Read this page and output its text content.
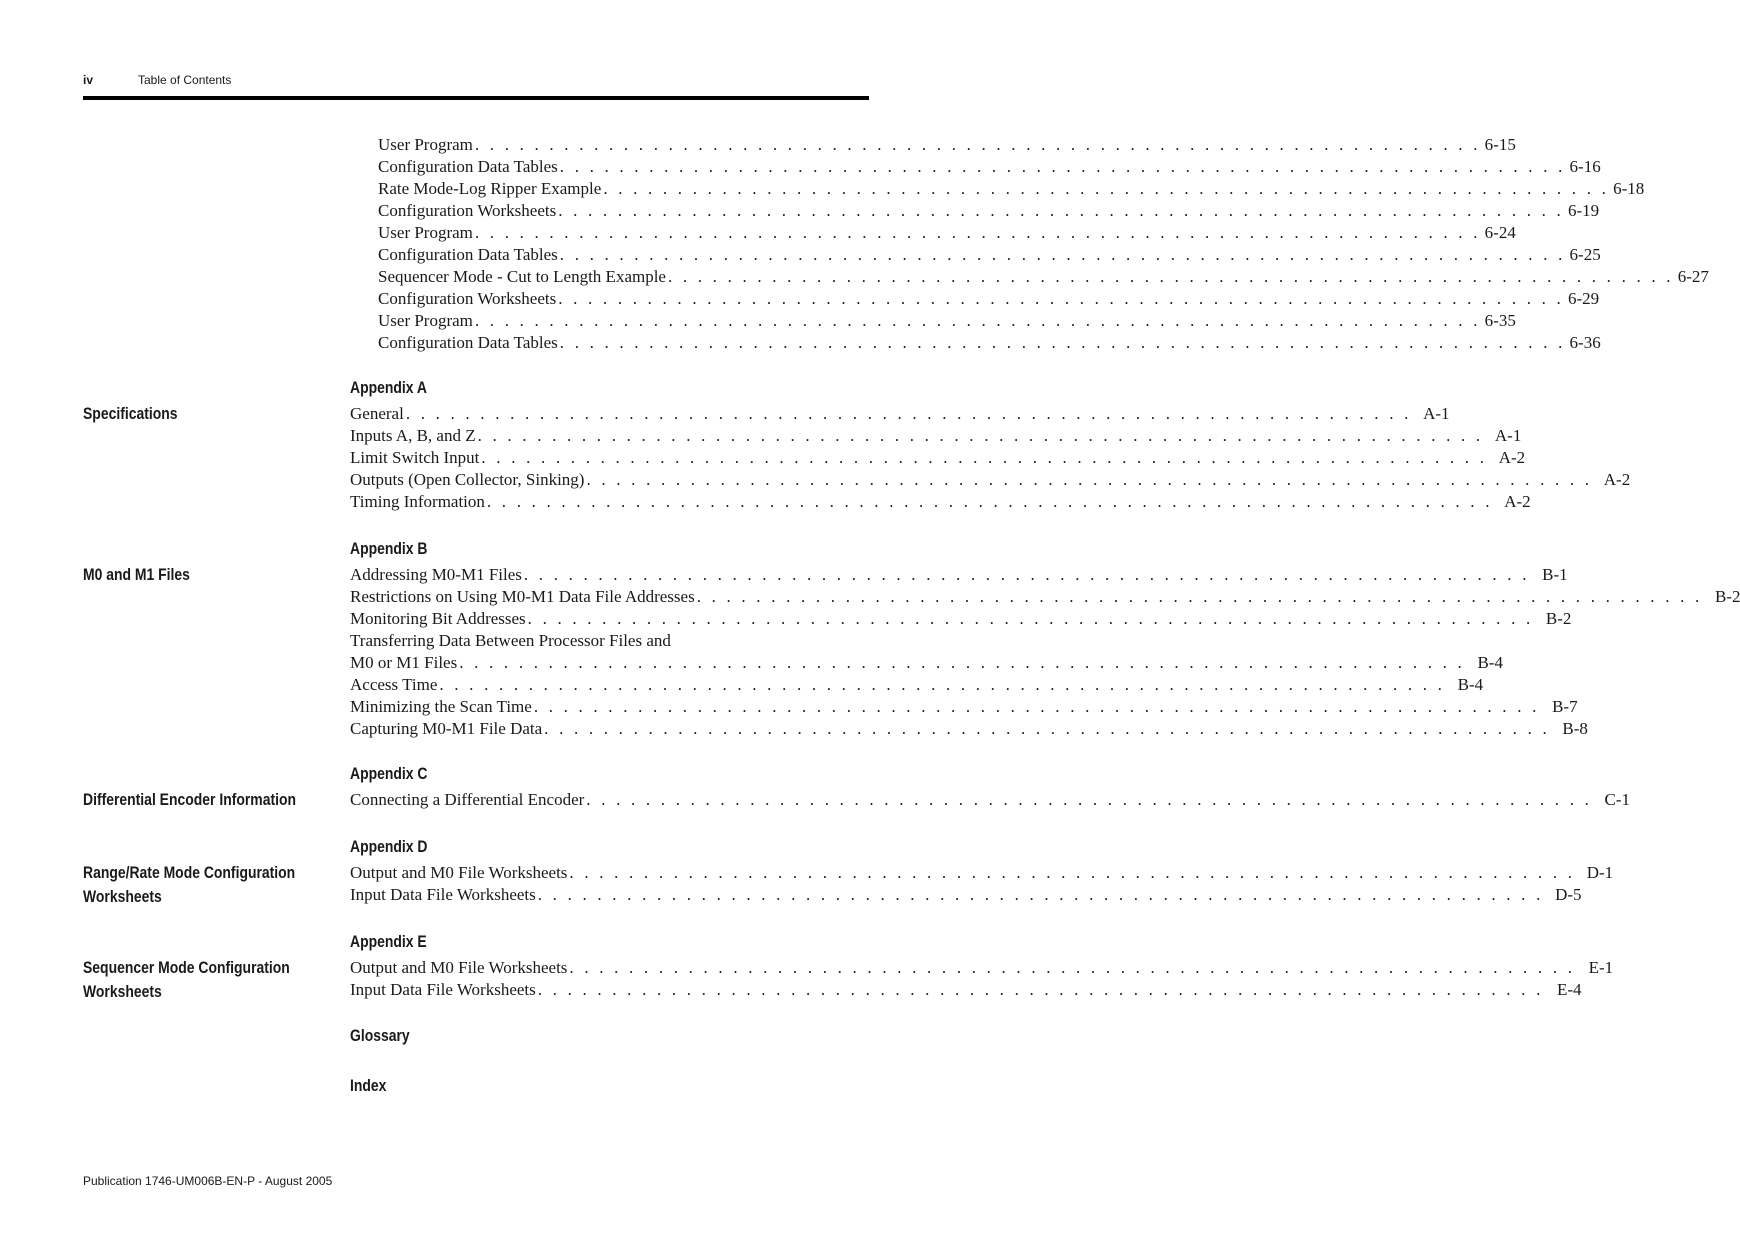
iv	Table of Contents
Glossary
Index
User Program . . . . . . . . . . . . . . . . . . . . . . . . . . . . . . . . . . . . . . . . . . . . . . . . . . . . . . . . . . . . . . . . . . . . 6-15
Configuration Data Tables . . . . . . . . . . . . . . . . . . . . . . . . . . . . . . . . . . . . . . . . . . . . . . . . . . . . . . . . . . . . . . . . . . . . 6-16
Rate Mode-Log Ripper Example . . . . . . . . . . . . . . . . . . . . . . . . . . . . . . . . . . . . . . . . . . . . . . . . . . . . . . . . . . . . . . . . . . . . 6-18
Configuration Worksheets . . . . . . . . . . . . . . . . . . . . . . . . . . . . . . . . . . . . . . . . . . . . . . . . . . . . . . . . . . . . . . . . . . . . 6-19
User Program . . . . . . . . . . . . . . . . . . . . . . . . . . . . . . . . . . . . . . . . . . . . . . . . . . . . . . . . . . . . . . . . . . . . 6-24
Configuration Data Tables . . . . . . . . . . . . . . . . . . . . . . . . . . . . . . . . . . . . . . . . . . . . . . . . . . . . . . . . . . . . . . . . . . . . 6-25
Sequencer Mode - Cut to Length Example . . . . . . . . . . . . . . . . . . . . . . . . . . . . . . . . . . . . . . . . . . . . . . . . . . . . . . . . . . . . . . . . . . . . 6-27
Configuration Worksheets . . . . . . . . . . . . . . . . . . . . . . . . . . . . . . . . . . . . . . . . . . . . . . . . . . . . . . . . . . . . . . . . . . . . 6-29
User Program . . . . . . . . . . . . . . . . . . . . . . . . . . . . . . . . . . . . . . . . . . . . . . . . . . . . . . . . . . . . . . . . . . . . 6-35
Configuration Data Tables . . . . . . . . . . . . . . . . . . . . . . . . . . . . . . . . . . . . . . . . . . . . . . . . . . . . . . . . . . . . . . . . . . . . 6-36
Appendix A
Specifications	General . . . . . . . . . . . . . . . . . . . . . . . . . . . . . . . . . . . . . . . . . . . . . . . . . . . . . . . . . . . . . . . . . . . . A-1
Inputs A, B, and Z . . . . . . . . . . . . . . . . . . . . . . . . . . . . . . . . . . . . . . . . . . . . . . . . . . . . . . . . . . . . . . . . . . . . A-1
Limit Switch Input . . . . . . . . . . . . . . . . . . . . . . . . . . . . . . . . . . . . . . . . . . . . . . . . . . . . . . . . . . . . . . . . . . . . A-2
Outputs (Open Collector, Sinking) . . . . . . . . . . . . . . . . . . . . . . . . . . . . . . . . . . . . . . . . . . . . . . . . . . . . . . . . . . . . . . . . . . . . A-2
Timing Information . . . . . . . . . . . . . . . . . . . . . . . . . . . . . . . . . . . . . . . . . . . . . . . . . . . . . . . . . . . . . . . . . . . . A-2
Appendix B
M0 and M1 Files	Addressing M0-M1 Files . . . . . . . . . . . . . . . . . . . . . . . . . . . . . . . . . . . . . . . . . . . . . . . . . . . . . . . . . . . . . . . . . . . . B-1
Restrictions on Using M0-M1 Data File Addresses . . . . . . . . . . . . . . . . . . . . . . . . . . . . . . . . . . . . . . . . . . . . . . . . . . . . . . . . . . . . . . . . . . . . B-2
Monitoring Bit Addresses . . . . . . . . . . . . . . . . . . . . . . . . . . . . . . . . . . . . . . . . . . . . . . . . . . . . . . . . . . . . . . . . . . . . B-2
Transferring Data Between Processor Files and
M0 or M1 Files . . . . . . . . . . . . . . . . . . . . . . . . . . . . . . . . . . . . . . . . . . . . . . . . . . . . . . . . . . . . . . . . . . . . B-4
Access Time . . . . . . . . . . . . . . . . . . . . . . . . . . . . . . . . . . . . . . . . . . . . . . . . . . . . . . . . . . . . . . . . . . . . B-4
Minimizing the Scan Time . . . . . . . . . . . . . . . . . . . . . . . . . . . . . . . . . . . . . . . . . . . . . . . . . . . . . . . . . . . . . . . . . . . . B-7
Capturing M0-M1 File Data . . . . . . . . . . . . . . . . . . . . . . . . . . . . . . . . . . . . . . . . . . . . . . . . . . . . . . . . . . . . . . . . . . . . B-8
Appendix C
Differential Encoder Information	Connecting a Differential Encoder . . . . . . . . . . . . . . . . . . . . . . . . . . . . . . . . . . . . . . . . . . . . . . . . . . . . . . . . . . . . . . . . . . . . C-1
Appendix D
Range/Rate Mode Configuration Worksheets
Output and M0 File Worksheets . . . . . . . . . . . . . . . . . . . . . . . . . . . . . . . . . . . . . . . . . . . . . . . . . . . . . . . . . . . . . . . . . . . . D-1
Input Data File Worksheets . . . . . . . . . . . . . . . . . . . . . . . . . . . . . . . . . . . . . . . . . . . . . . . . . . . . . . . . . . . . . . . . . . . . D-5
Appendix E
Sequencer Mode Configuration Worksheets
Output and M0 File Worksheets . . . . . . . . . . . . . . . . . . . . . . . . . . . . . . . . . . . . . . . . . . . . . . . . . . . . . . . . . . . . . . . . . . . . E-1
Input Data File Worksheets . . . . . . . . . . . . . . . . . . . . . . . . . . . . . . . . . . . . . . . . . . . . . . . . . . . . . . . . . . . . . . . . . . . . E-4
Publication 1746-UM006B-EN-P - August 2005
